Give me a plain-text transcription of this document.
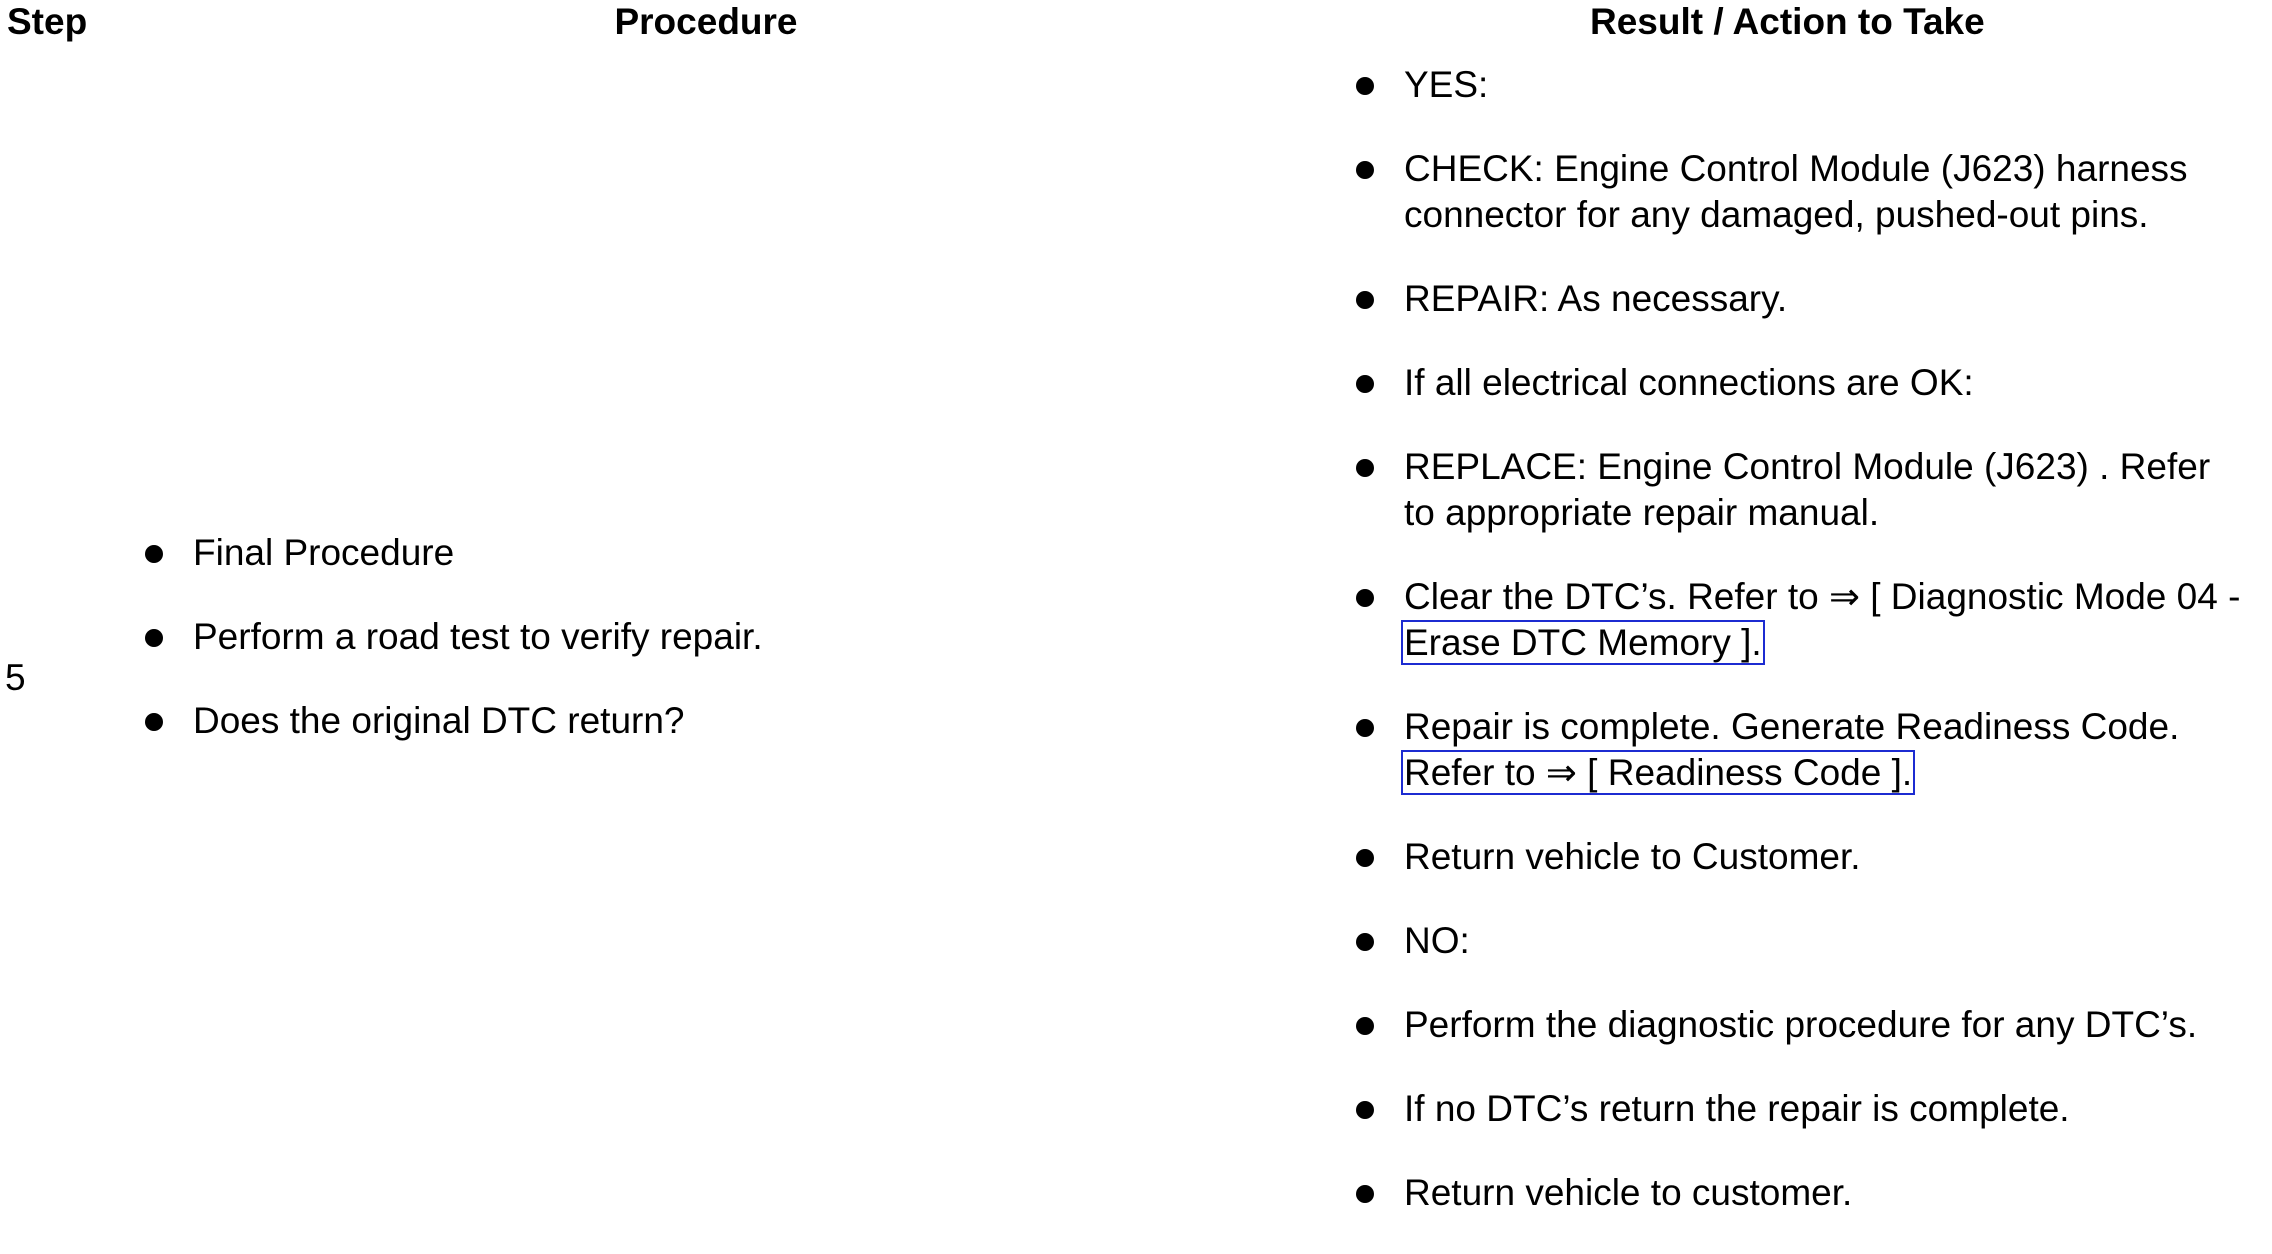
Step	Procedure	Result / Action to Take
5
Final Procedure
Perform a road test to verify repair.
Does the original DTC return?
YES:
CHECK: Engine Control Module (J623) harness
connector for any damaged, pushed-out pins.
REPAIR: As necessary.
If all electrical connections are OK:
REPLACE: Engine Control Module (J623) . Refer
to appropriate repair manual.
Clear the DTC’s. Refer to ⇒ [ Diagnostic Mode 04 -
Erase DTC Memory ].
Repair is complete. Generate Readiness Code.
Refer to ⇒ [ Readiness Code ].
Return vehicle to Customer.
NO:
Perform the diagnostic procedure for any DTC’s.
If no DTC’s return the repair is complete.
Return vehicle to customer.
